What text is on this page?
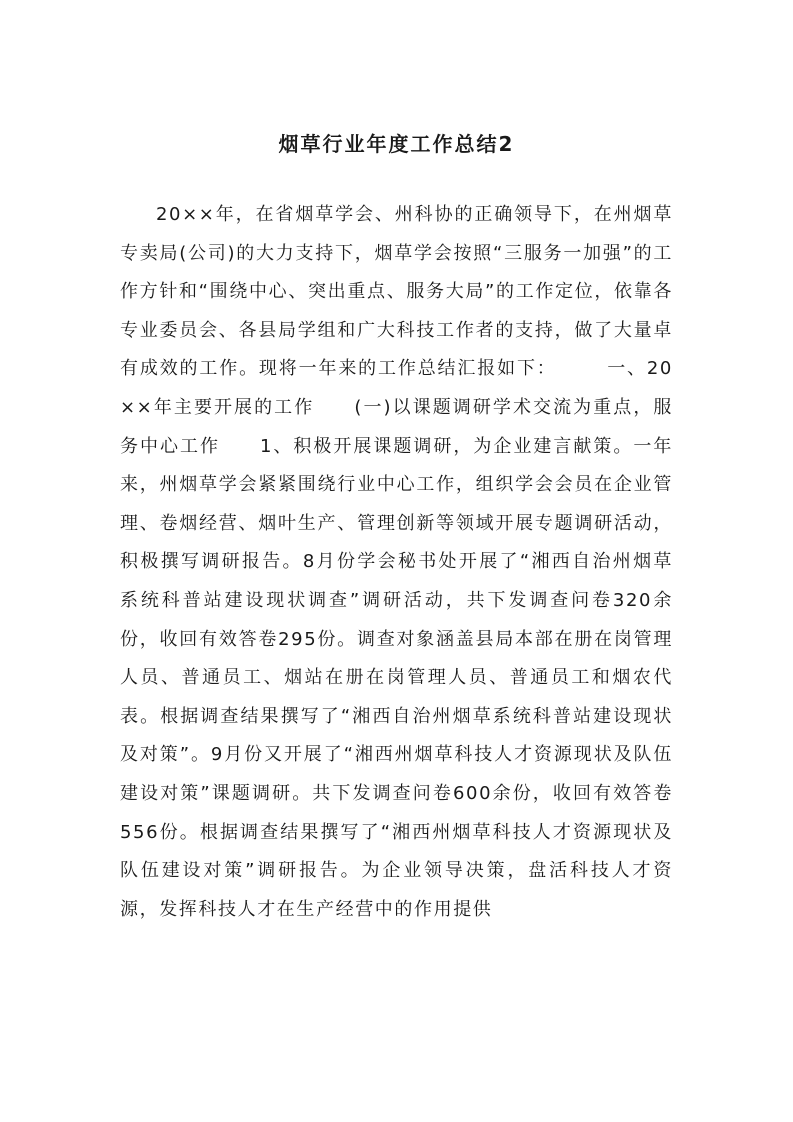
烟草行业年度工作总结2

20××年，在省烟草学会、州科协的正确领导下，在州烟草专卖局(公司)的大力支持下，烟草学会按照“三服务一加强”的工作方针和“围绕中心、突出重点、服务大局”的工作定位，依靠各专业委员会、各县局学组和广大科技工作者的支持，做了大量卓有成效的工作。现将一年来的工作总结汇报如下：　　　一、20××年主要开展的工作　　(一)以课题调研学术交流为重点，服务中心工作　　1、积极开展课题调研，为企业建言献策。一年来，州烟草学会紧紧围绕行业中心工作，组织学会会员在企业管理、卷烟经营、烟叶生产、管理创新等领域开展专题调研活动，积极撰写调研报告。8月份学会秘书处开展了“湘西自治州烟草系统科普站建设现状调查”调研活动，共下发调查问卷320余份，收回有效答卷295份。调查对象涵盖县局本部在册在岗管理人员、普通员工、烟站在册在岗管理人员、普通员工和烟农代表。根据调查结果撰写了“湘西自治州烟草系统科普站建设现状及对策”。9月份又开展了“湘西州烟草科技人才资源现状及队伍建设对策”课题调研。共下发调查问卷600余份，收回有效答卷556份。根据调查结果撰写了“湘西州烟草科技人才资源现状及队伍建设对策”调研报告。为企业领导决策，盘活科技人才资源，发挥科技人才在生产经营中的作用提供
